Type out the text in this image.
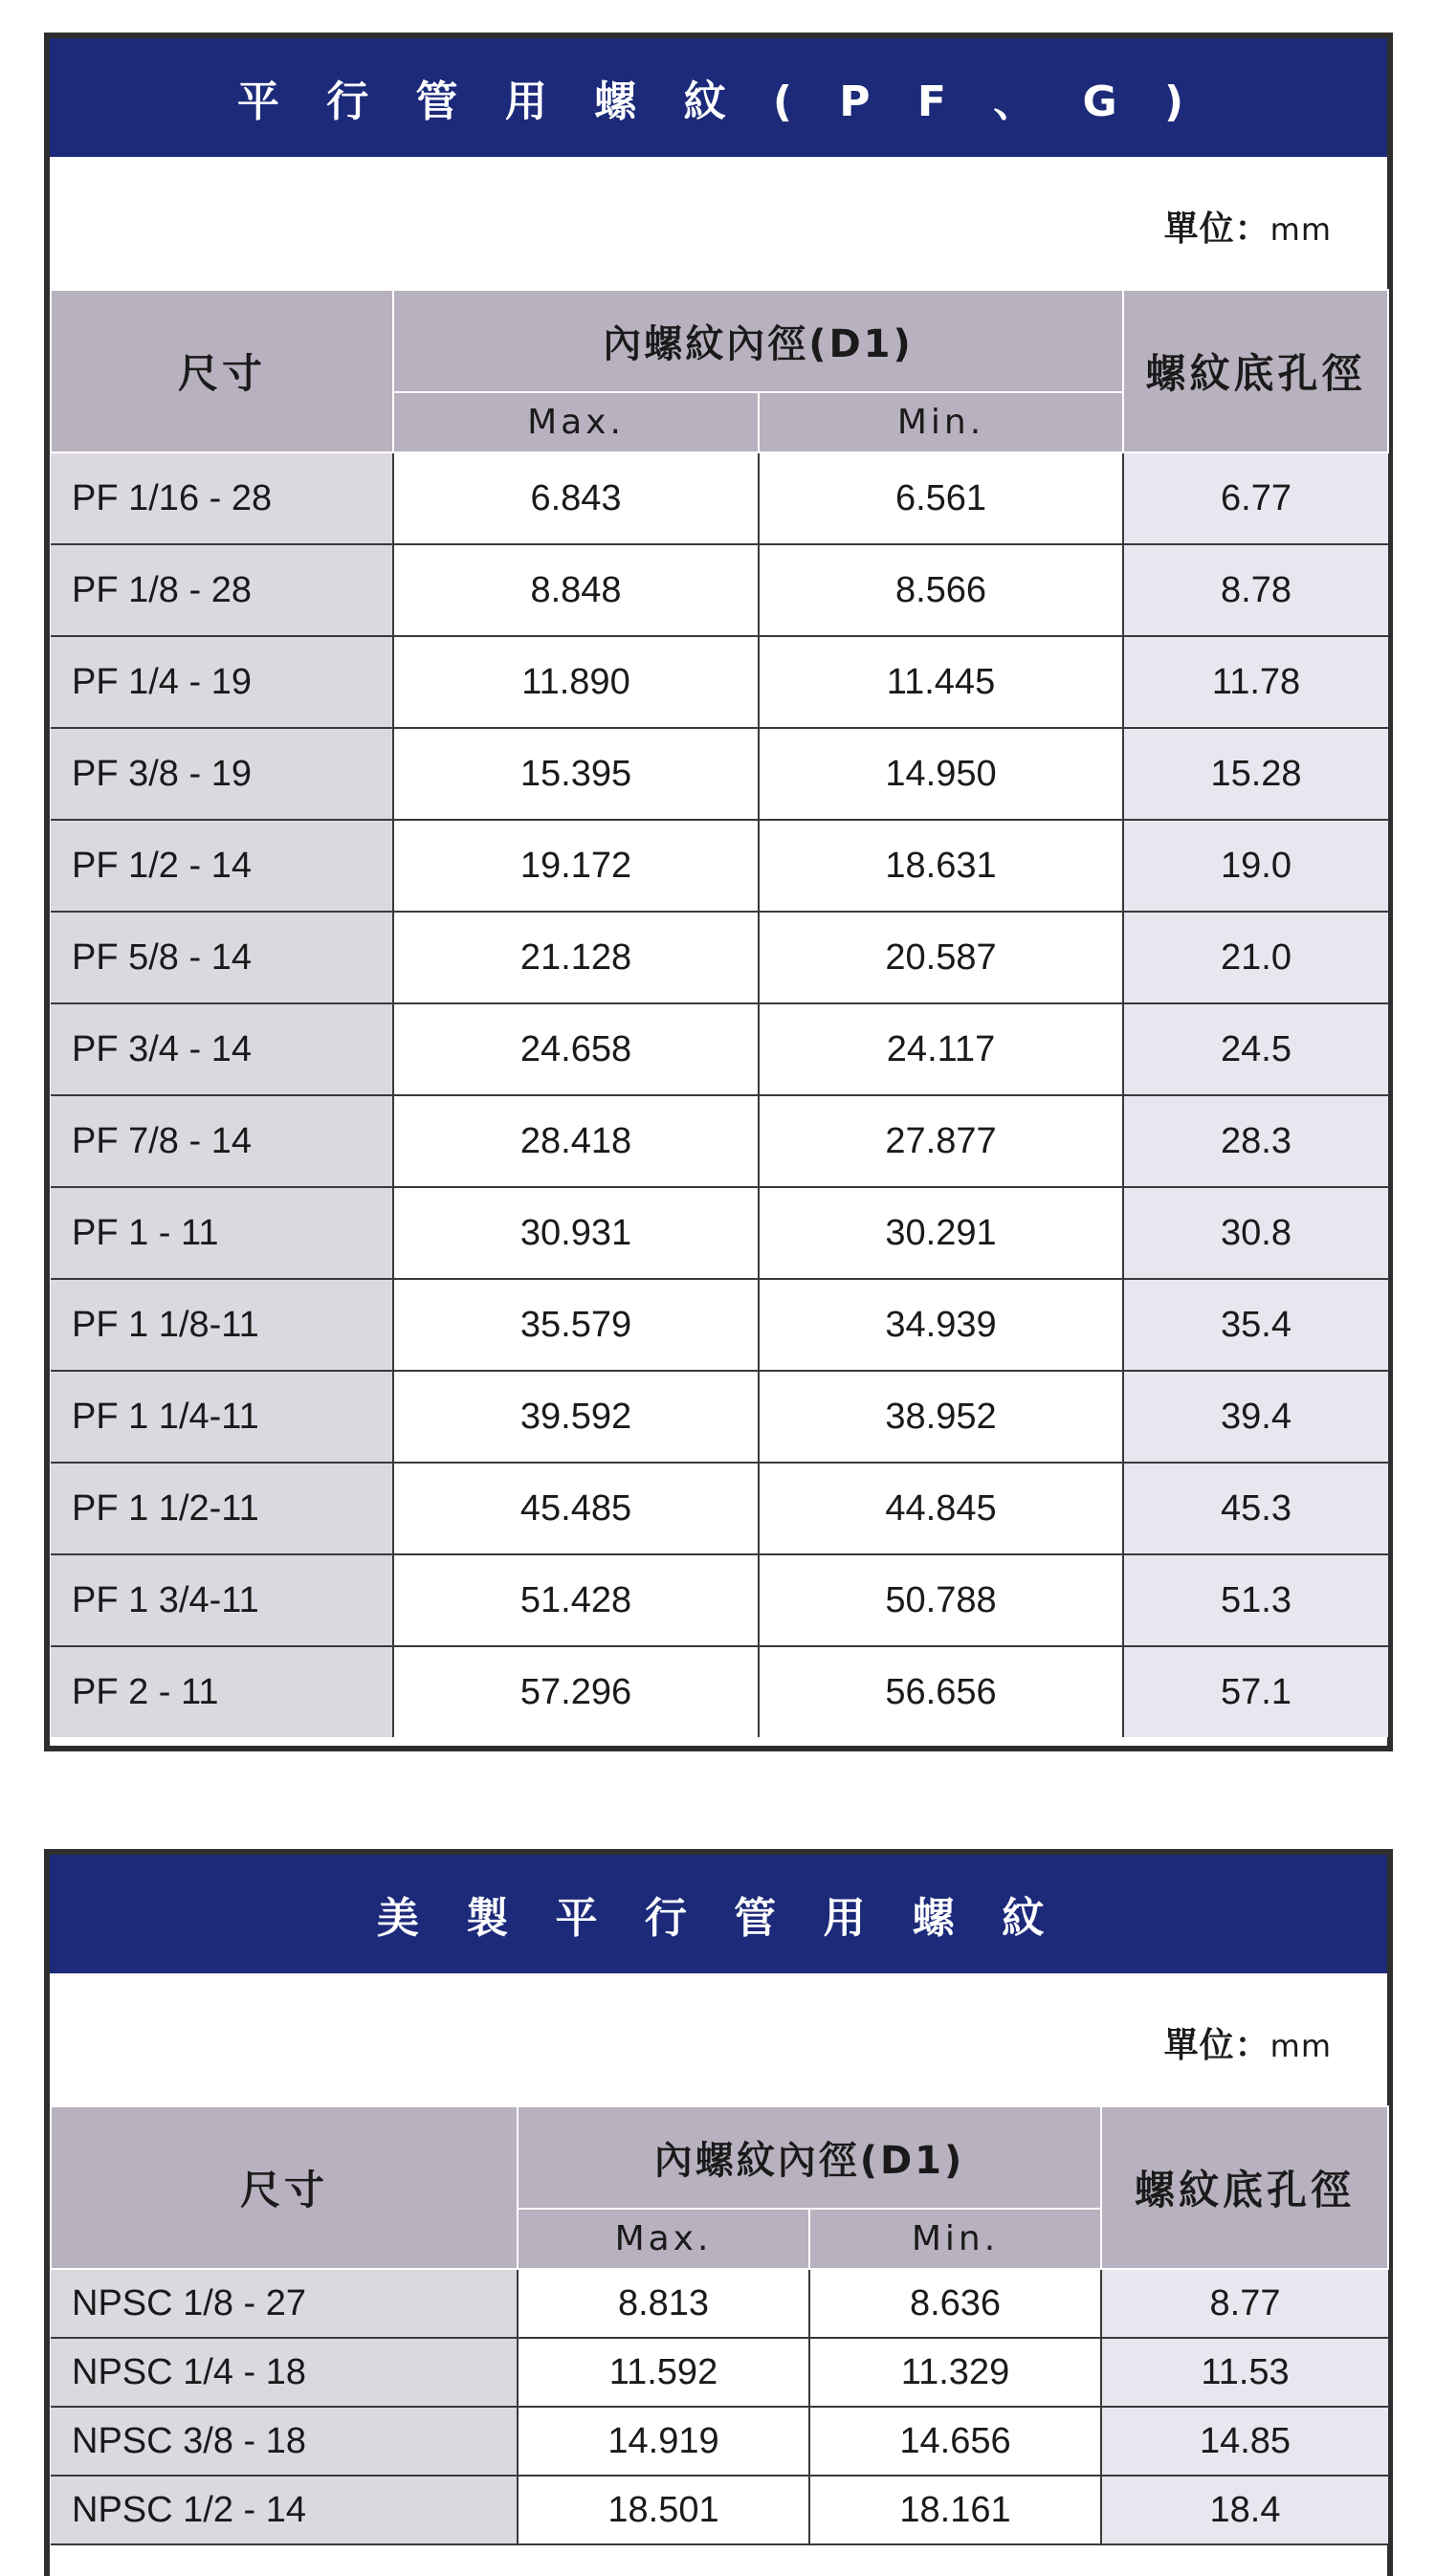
平 行 管 用 螺 紋 ( P F 、 G )
單位：mm
尺寸	內螺紋內徑(D1)		螺紋底孔徑
	Max.	Min.	
PF 1/16 - 28	6.843	6.561	6.77
PF 1/8 - 28	8.848	8.566	8.78
PF 1/4 - 19	11.890	11.445	11.78
PF 3/8 - 19	15.395	14.950	15.28
PF 1/2 - 14	19.172	18.631	19.0
PF 5/8 - 14	21.128	20.587	21.0
PF 3/4 - 14	24.658	24.117	24.5
PF 7/8 - 14	28.418	27.877	28.3
PF 1 - 11	30.931	30.291	30.8
PF 1 1/8-11	35.579	34.939	35.4
PF 1 1/4-11	39.592	38.952	39.4
PF 1 1/2-11	45.485	44.845	45.3
PF 1 3/4-11	51.428	50.788	51.3
PF 2 - 11	57.296	56.656	57.1
美 製 平 行 管 用 螺 紋
單位：mm
尺寸	內螺紋內徑(D1)		螺紋底孔徑
	Max.	Min.	
NPSC 1/8 - 27	8.813	8.636	8.77
NPSC 1/4 - 18	11.592	11.329	11.53
NPSC 3/8 - 18	14.919	14.656	14.85
NPSC 1/2 - 14	18.501	18.161	18.4
